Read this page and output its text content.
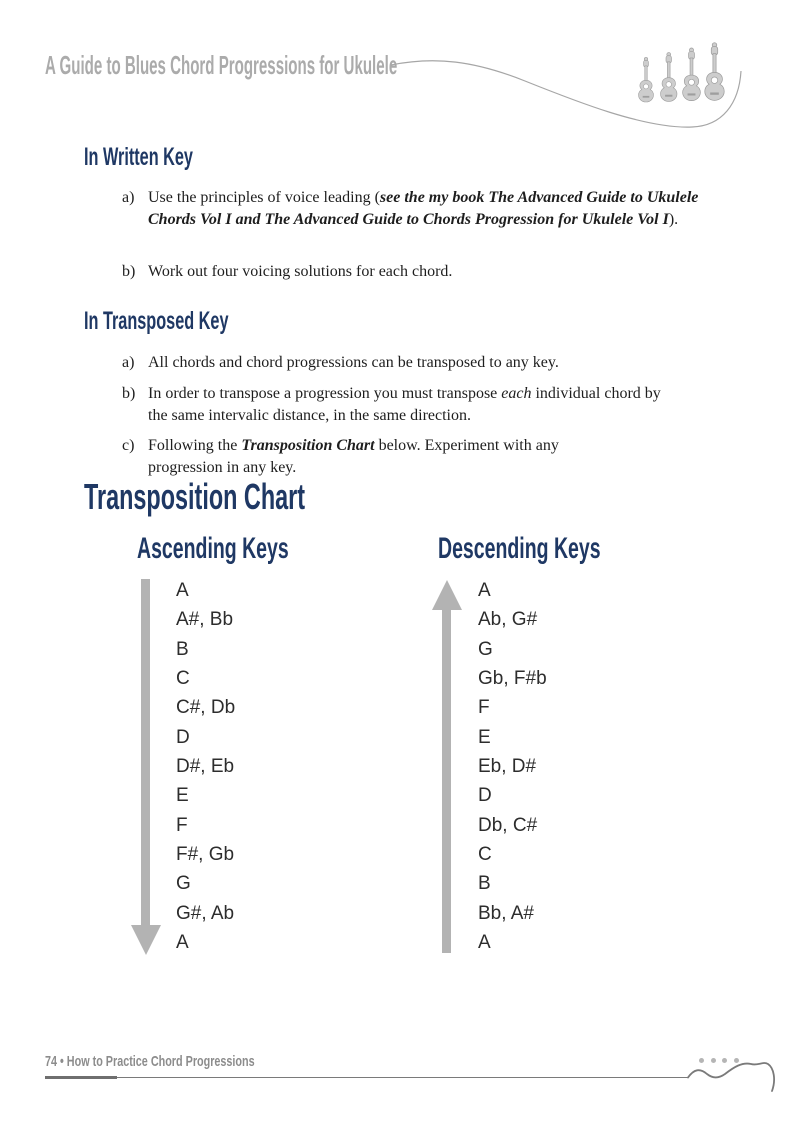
A Guide to Blues Chord Progressions for Ukulele
In Written Key
a) Use the principles of voice leading (see the my book The Advanced Guide to Ukulele Chords Vol I and The Advanced Guide to Chords Progression for Ukulele Vol I).
b) Work out four voicing solutions for each chord.
In Transposed Key
a) All chords and chord progressions can be transposed to any key.
b) In order to transpose a progression you must transpose each individual chord by the same intervalic distance, in the same direction.
c) Following the Transposition Chart below. Experiment with any progression in any key.
Transposition Chart
Ascending Keys	Descending Keys
A
A#, Bb
B
C
C#, Db
D
D#, Eb
E
F
F#, Gb
G
G#, Ab
A
A
Ab, G#
G
Gb, F#b
F
E
Eb, D#
D
Db, C#
C
B
Bb, A#
A
74 • How to Practice Chord Progressions
